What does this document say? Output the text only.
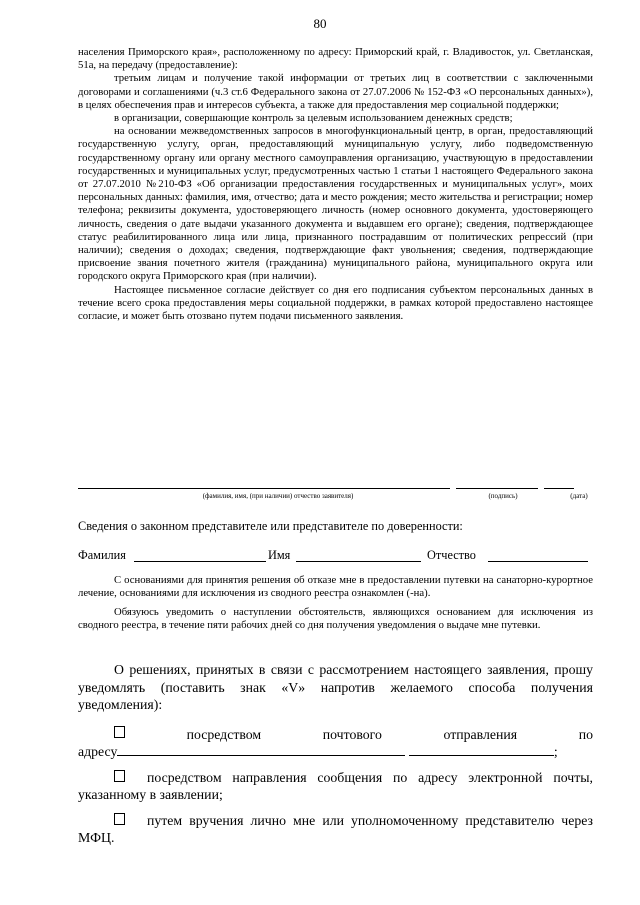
80

населения Приморского края», расположенному по адресу: Приморский край, г. Владивосток, ул. Светланская, 51а, на передачу (предоставление):

третьим лицам и получение такой информации от третьих лиц в соответствии с заключенными договорами и соглашениями (ч.3 ст.6 Федерального закона от 27.07.2006 № 152-ФЗ «О персональных данных»), в целях обеспечения прав и интересов субъекта, а также для предоставления мер социальной поддержки;

в организации, совершающие контроль за целевым использованием денежных средств;

на основании межведомственных запросов в многофункциональный центр, в орган, предоставляющий государственную услугу, орган, предоставляющий муниципальную услугу, либо подведомственную государственному органу или органу местного самоуправления организацию, участвующую в предоставлении государственных и муниципальных услуг, предусмотренных частью 1 статьи 1 настоящего Федерального закона от 27.07.2010 №210-ФЗ «Об организации предоставления государственных и муниципальных услуг», моих персональных данных: фамилия, имя, отчество; дата и место рождения; место жительства и регистрации; номер телефона; реквизиты документа, удостоверяющего личность (номер основного документа, удостоверяющего личность, сведения о дате выдачи указанного документа и выдавшем его органе); сведения, подтверждающее статус реабилитированного лица или лица, признанного пострадавшим от политических репрессий (при наличии); сведения о доходах; сведения, подтверждающие факт увольнения; сведения, подтверждающие присвоение звания почетного жителя (гражданина) муниципального района, муниципального округа или городского округа Приморского края (при наличии).

Настоящее письменное согласие действует со дня его подписания субъектом персональных данных в течение всего срока предоставления меры социальной поддержки, в рамках которой предоставлено настоящее согласие, и может быть отозвано путем подачи письменного заявления.

(фамилия, имя, (при наличии) отчество заявителя)	(подпись)	(дата)
Сведения о законном представителе или представителе по доверенности:
Фамилия	Имя	Отчество

С основаниями для принятия решения об отказе мне в предоставлении путевки на санаторно-курортное лечение, основаниями для исключения из сводного реестра ознакомлен (-на).

Обязуюсь уведомить о наступлении обстоятельств, являющихся основанием для исключения из сводного реестра, в течение пяти рабочих дней со дня получения уведомления о выдаче мне путевки.

О решениях, принятых в связи с рассмотрением настоящего заявления, прошу уведомлять (поставить знак «V» напротив желаемого способа получения уведомления):

посредством	почтового	отправления	по
адресу	;

посредством направления сообщения по адресу электронной почты, указанному в заявлении;

путем вручения лично мне или уполномоченному представителю через МФЦ.
